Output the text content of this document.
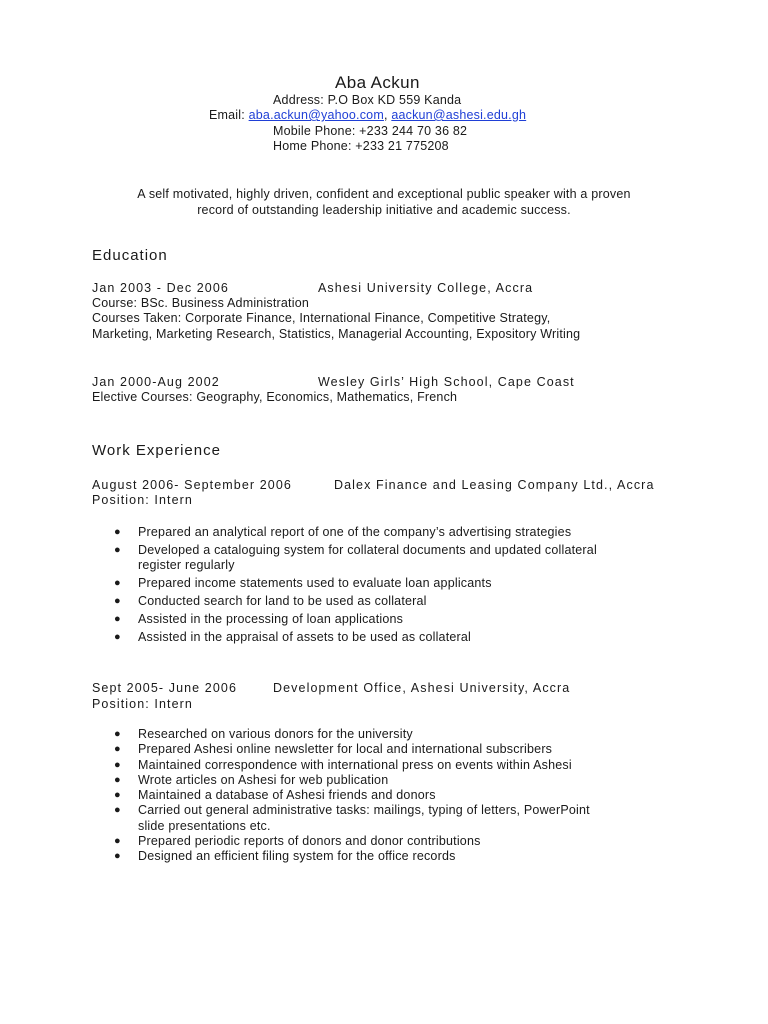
Aba Ackun
Address: P.O Box KD 559 Kanda
Email: aba.ackun@yahoo.com, aackun@ashesi.edu.gh
Mobile Phone: +233 244 70 36 82
Home Phone: +233 21 775208
A self motivated, highly driven, confident and exceptional public speaker with a proven
record of outstanding leadership initiative and academic success.
Education
Jan 2003 - Dec 2006	Ashesi University College, Accra
Course: BSc. Business Administration
Courses Taken: Corporate Finance, International Finance, Competitive Strategy,
Marketing, Marketing Research, Statistics, Managerial Accounting, Expository Writing
Jan 2000-Aug 2002	Wesley Girls’ High School, Cape Coast
Elective Courses: Geography, Economics, Mathematics, French
Work Experience
August 2006- September 2006	Dalex Finance and Leasing Company Ltd., Accra
Position: Intern
● Prepared an analytical report of one of the company’s advertising strategies
● Developed a cataloguing system for collateral documents and updated collateral
register regularly
● Prepared income statements used to evaluate loan applicants
● Conducted search for land to be used as collateral
● Assisted in the processing of loan applications
● Assisted in the appraisal of assets to be used as collateral
Sept 2005- June 2006	Development Office, Ashesi University, Accra
Position: Intern
● Researched on various donors for the university
● Prepared Ashesi online newsletter for local and international subscribers
● Maintained correspondence with international press on events within Ashesi
● Wrote articles on Ashesi for web publication
● Maintained a database of Ashesi friends and donors
● Carried out general administrative tasks: mailings, typing of letters, PowerPoint
slide presentations etc.
● Prepared periodic reports of donors and donor contributions
● Designed an efficient filing system for the office records
